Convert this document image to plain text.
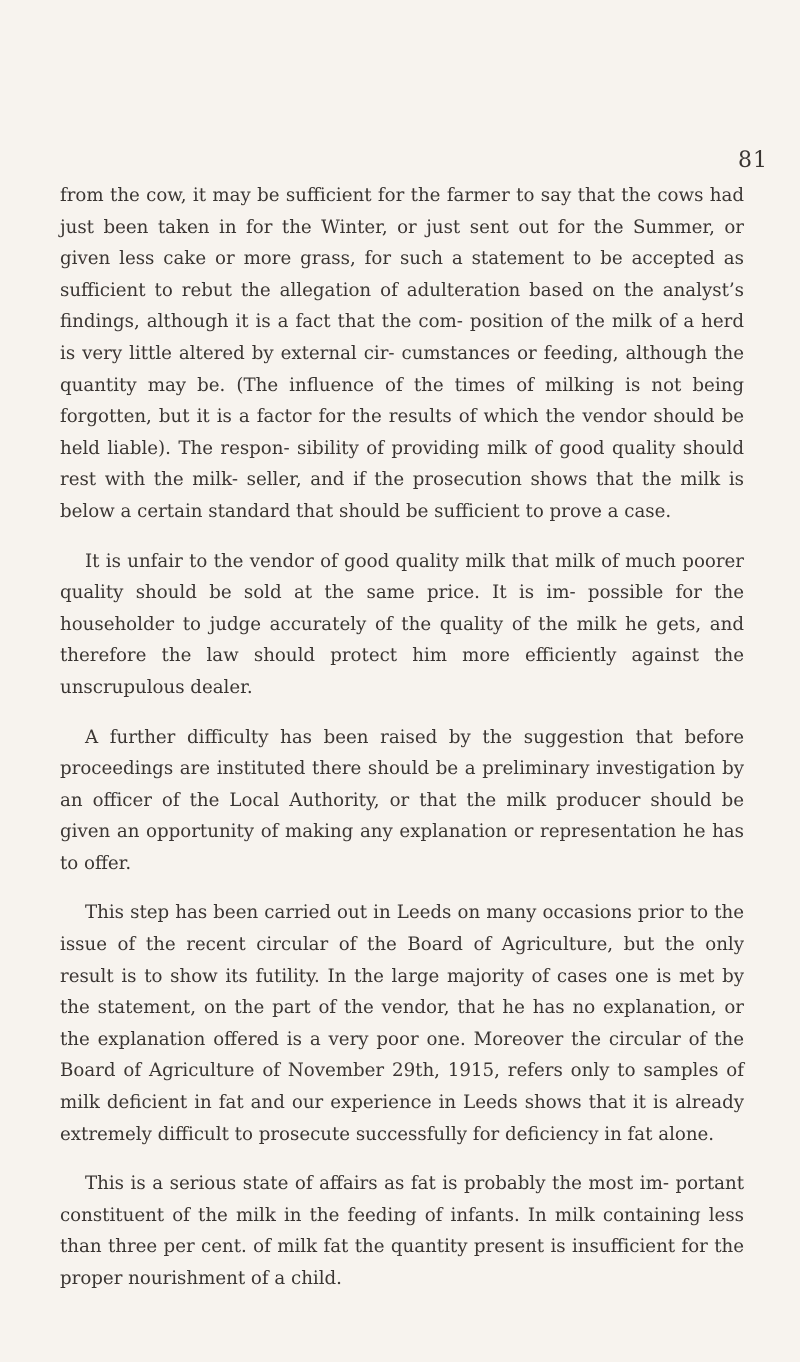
81

from the cow, it may be sufficient for the farmer to say that the cows had just been taken in for the Winter, or just sent out for the Summer, or given less cake or more grass, for such a statement to be accepted as sufficient to rebut the allegation of adulteration based on the analyst’s findings, although it is a fact that the com- position of the milk of a herd is very little altered by external cir- cumstances or feeding, although the quantity may be. (The influence of the times of milking is not being forgotten, but it is a factor for the results of which the vendor should be held liable). The respon- sibility of providing milk of good quality should rest with the milk- seller, and if the prosecution shows that the milk is below a certain standard that should be sufficient to prove a case.

It is unfair to the vendor of good quality milk that milk of much poorer quality should be sold at the same price. It is im- possible for the householder to judge accurately of the quality of the milk he gets, and therefore the law should protect him more efficiently against the unscrupulous dealer.

A further difficulty has been raised by the suggestion that before proceedings are instituted there should be a preliminary investigation by an officer of the Local Authority, or that the milk producer should be given an opportunity of making any explanation or representation he has to offer.

This step has been carried out in Leeds on many occasions prior to the issue of the recent circular of the Board of Agriculture, but the only result is to show its futility. In the large majority of cases one is met by the statement, on the part of the vendor, that he has no explanation, or the explanation offered is a very poor one. Moreover the circular of the Board of Agriculture of November 29th, 1915, refers only to samples of milk deficient in fat and our experience in Leeds shows that it is already extremely difficult to prosecute successfully for deficiency in fat alone.

This is a serious state of affairs as fat is probably the most im- portant constituent of the milk in the feeding of infants. In milk containing less than three per cent. of milk fat the quantity present is insufficient for the proper nourishment of a child.
